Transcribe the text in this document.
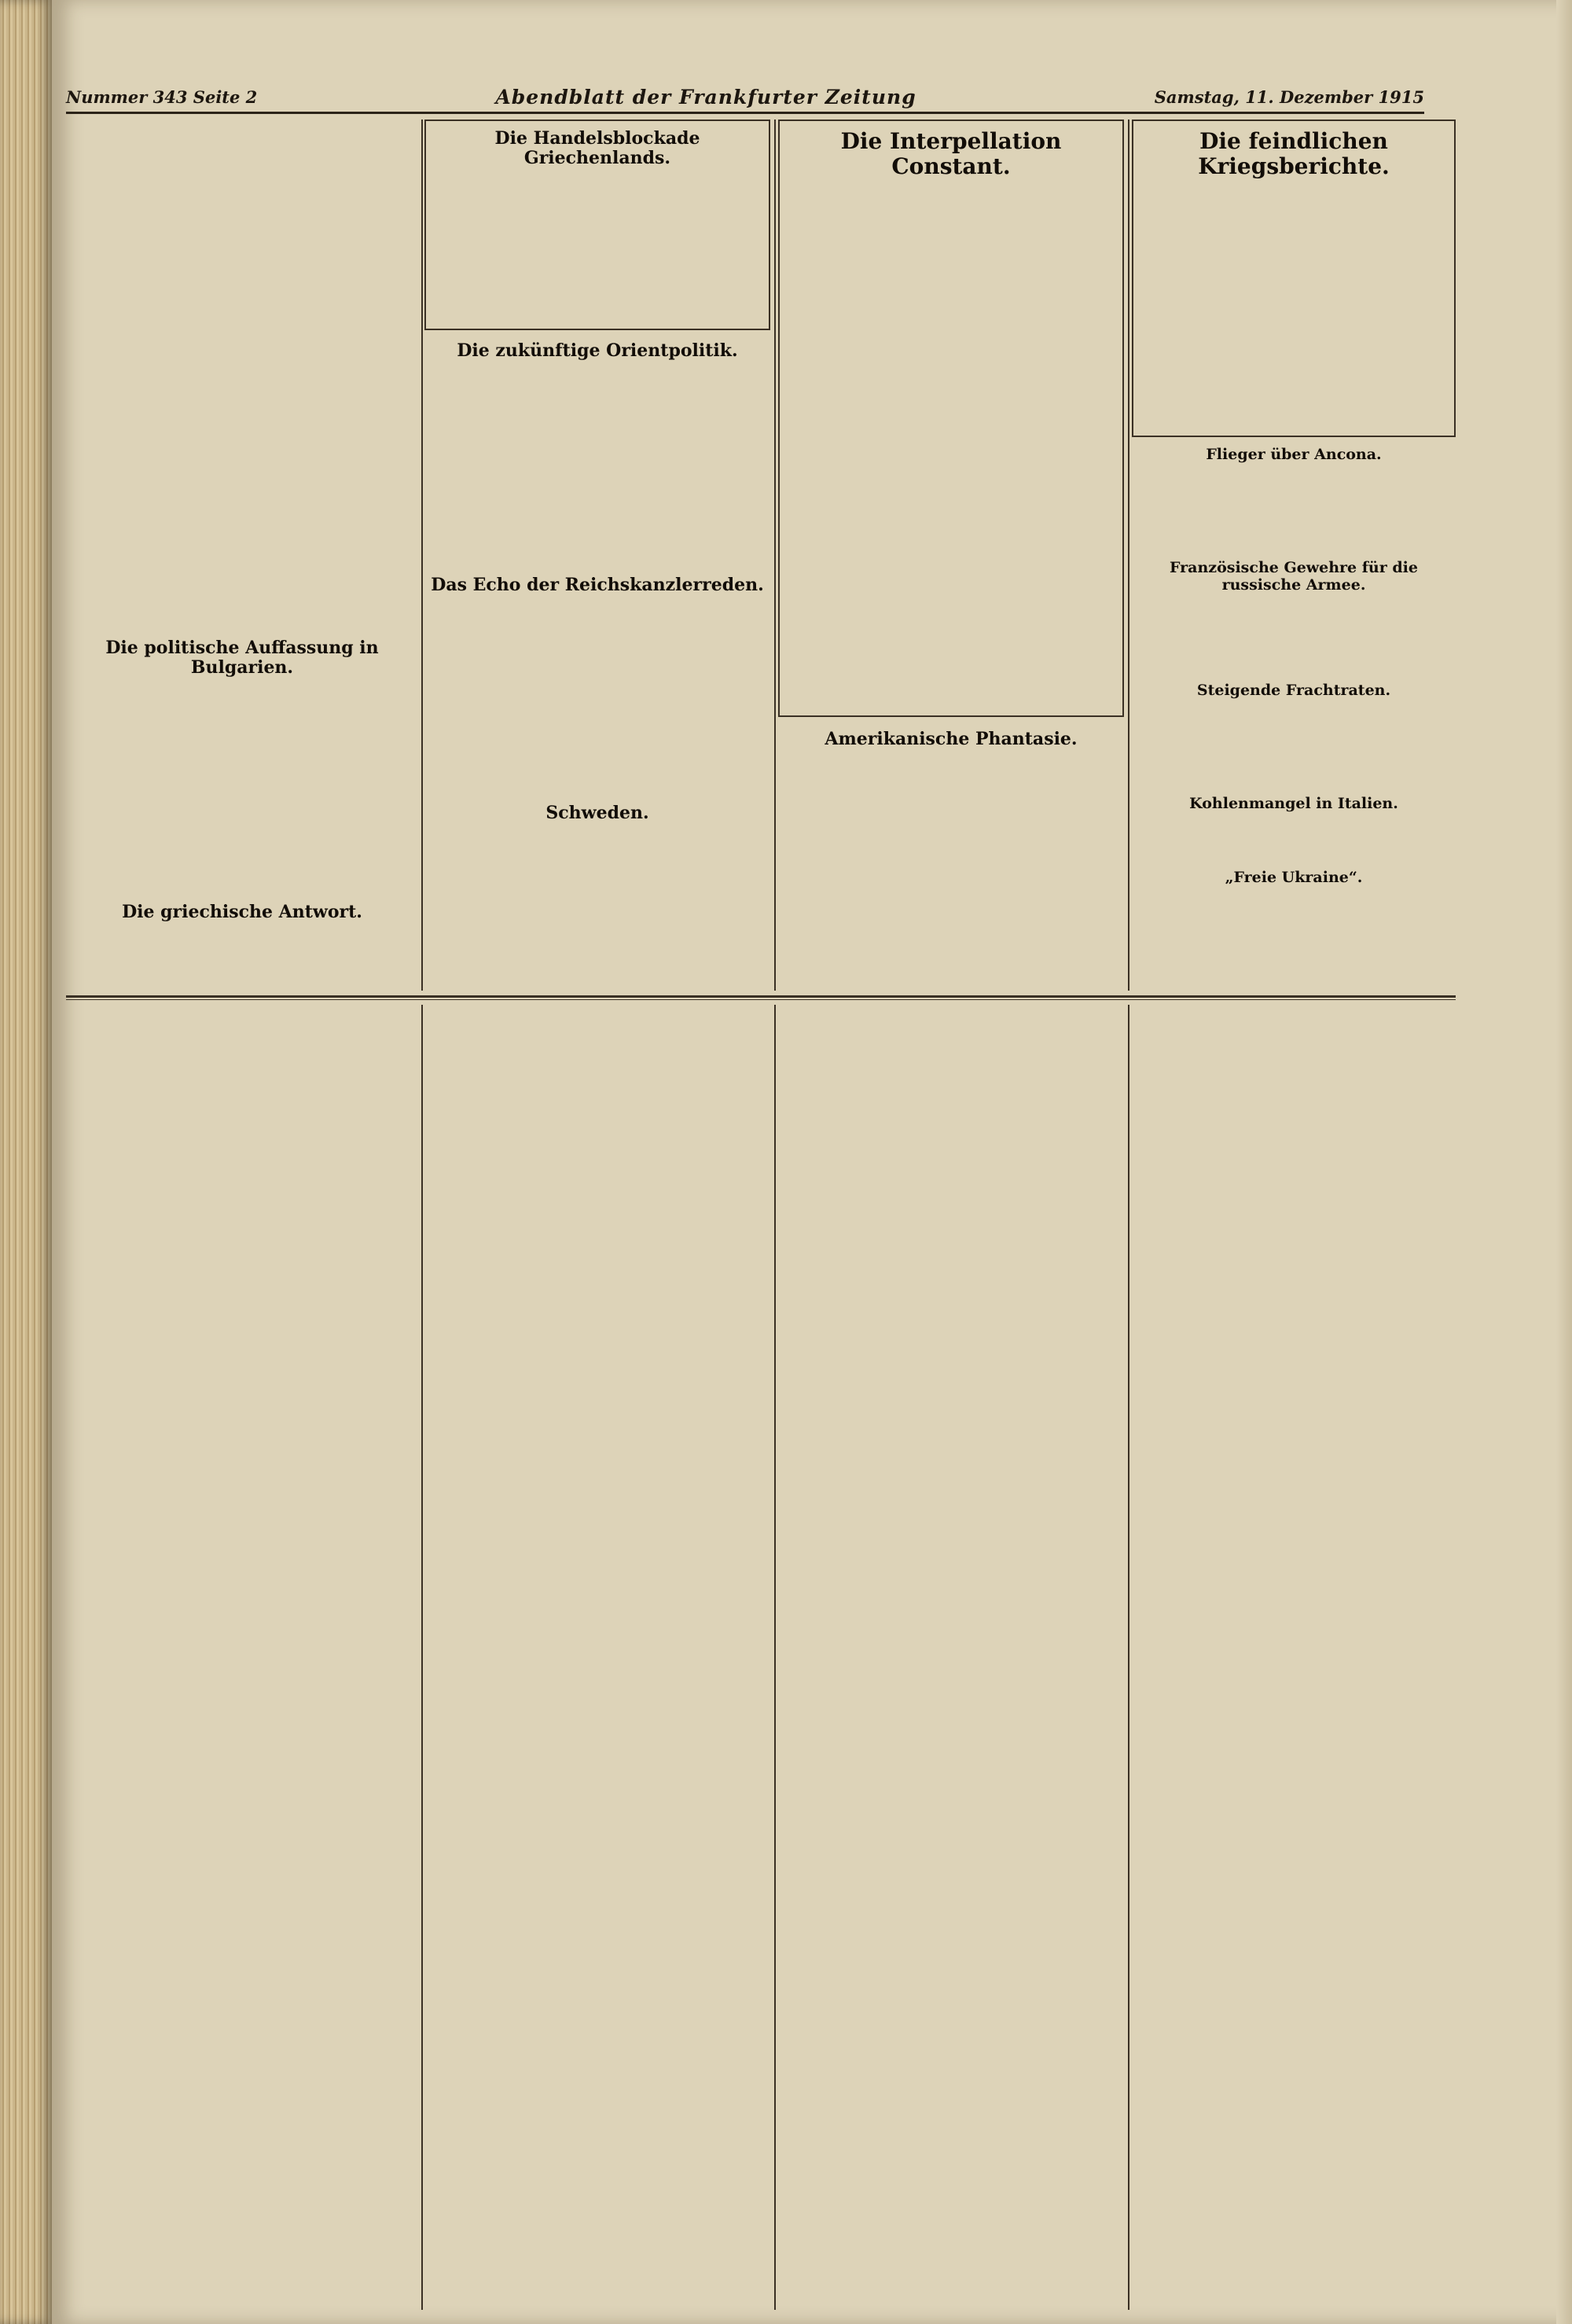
Nummer 343 Seite 2	Abendblatt der Frankfurter Zeitung	Samstag, 11. Dezember 1915
Die politische Auffassung in Bulgarien.
Die griechische Antwort.
Die Handelsblockade Griechenlands.
Die zukünftige Orientpolitik.
Das Echo der Reichskanzlerreden.
Schweden.
Die Interpellation Constant.
Amerikanische Phantasie.
Die feindlichen Kriegsberichte.
Flieger über Ancona.
Französische Gewehre für die russische Armee.
Steigende Frachtraten.
Kohlenmangel in Italien.
„Freie Ukraine“.
